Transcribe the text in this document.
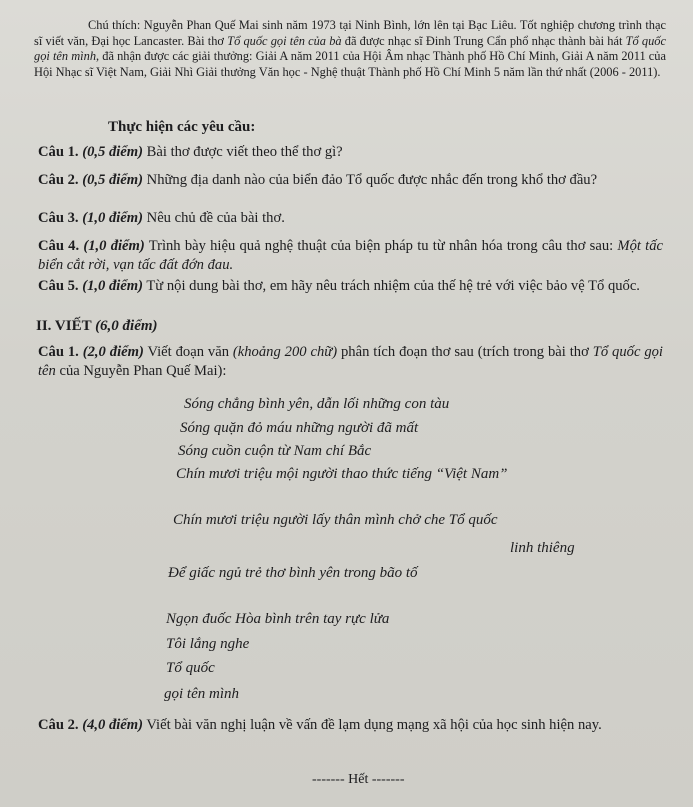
Chú thích: Nguyễn Phan Quế Mai sinh năm 1973 tại Ninh Bình, lớn lên tại Bạc Liêu. Tốt nghiệp chương trình thạc sĩ viết văn, Đại học Lancaster. Bài thơ Tổ quốc gọi tên của bà đã được nhạc sĩ Đinh Trung Cẩn phổ nhạc thành bài hát Tổ quốc gọi tên mình, đã nhận được các giải thưởng: Giải A năm 2011 của Hội Âm nhạc Thành phố Hồ Chí Minh, Giải A năm 2011 của Hội Nhạc sĩ Việt Nam, Giải Nhì Giải thưởng Văn học - Nghệ thuật Thành phố Hồ Chí Minh 5 năm lần thứ nhất (2006 - 2011).
Thực hiện các yêu cầu:
Câu 1. (0,5 điểm) Bài thơ được viết theo thể thơ gì?
Câu 2. (0,5 điểm) Những địa danh nào của biển đảo Tổ quốc được nhắc đến trong khổ thơ đầu?
Câu 3. (1,0 điểm) Nêu chủ đề của bài thơ.
Câu 4. (1,0 điểm) Trình bày hiệu quả nghệ thuật của biện pháp tu từ nhân hóa trong câu thơ sau: Một tấc biển cắt rời, vạn tấc đất đớn đau.
Câu 5. (1,0 điểm) Từ nội dung bài thơ, em hãy nêu trách nhiệm của thế hệ trẻ với việc bảo vệ Tổ quốc.
II. VIẾT (6,0 điểm)
Câu 1. (2,0 điểm) Viết đoạn văn (khoảng 200 chữ) phân tích đoạn thơ sau (trích trong bài thơ Tổ quốc gọi tên của Nguyễn Phan Quế Mai):
Sóng chẳng bình yên, dẫn lối những con tàu
Sóng quặn đỏ máu những người đã mất
Sóng cuồn cuộn từ Nam chí Bắc
Chín mươi triệu mội người thao thức tiếng “Việt Nam”
Chín mươi triệu người lấy thân mình chở che Tổ quốc
linh thiêng
Để giấc ngủ trẻ thơ bình yên trong bão tố
Ngọn đuốc Hòa bình trên tay rực lửa
Tôi lắng nghe
Tổ quốc
gọi tên mình
Câu 2. (4,0 điểm) Viết bài văn nghị luận về vấn đề lạm dụng mạng xã hội của học sinh hiện nay.
------- Hết -------
